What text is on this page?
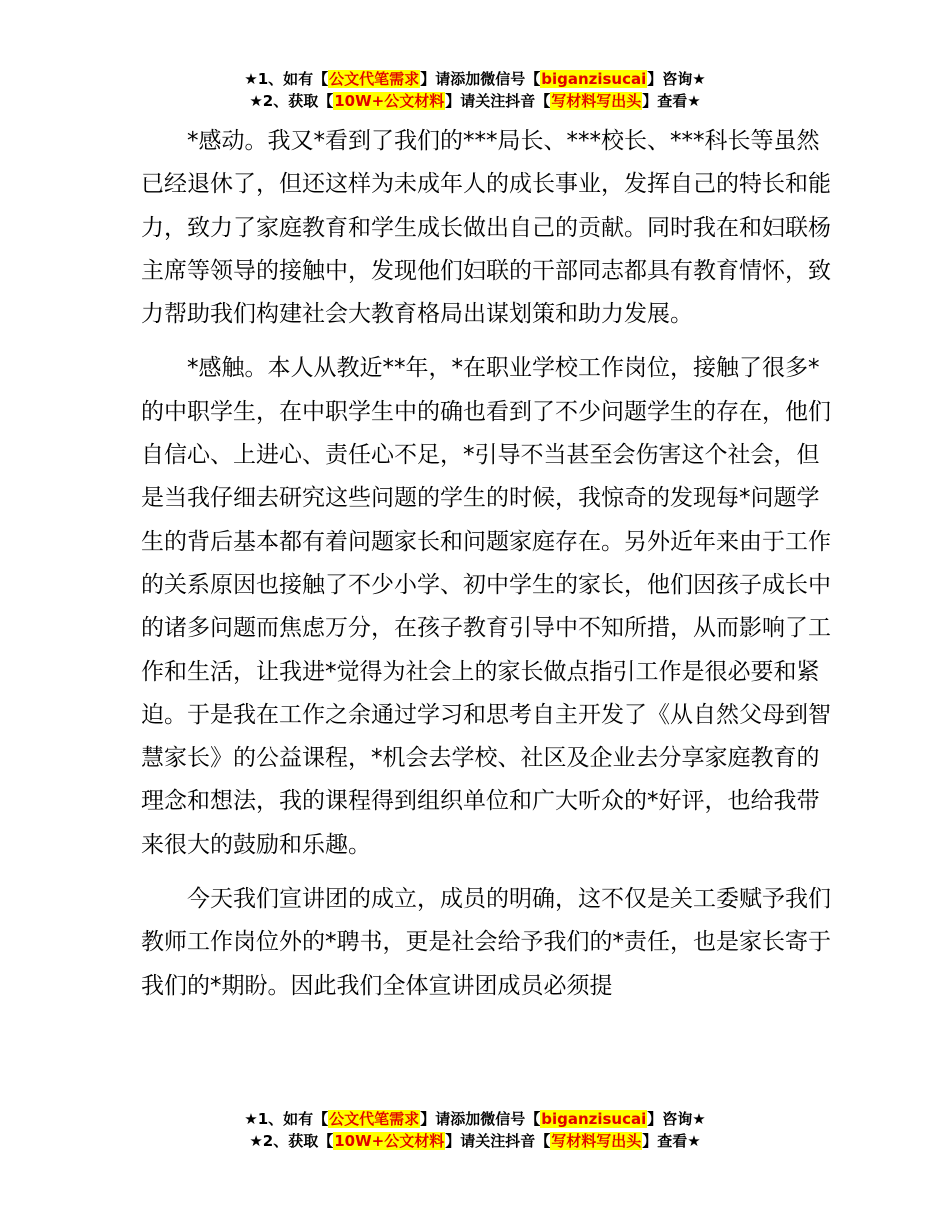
★1、如有【公文代笔需求】请添加微信号【biganzisucai】咨询★
★2、获取【10W+公文材料】请关注抖音【写材料写出头】查看★

*感动。我又*看到了我们的***局长、***校长、***科长等虽然已经退休了，但还这样为未成年人的成长事业，发挥自己的特长和能力，致力了家庭教育和学生成长做出自己的贡献。同时我在和妇联杨主席等领导的接触中，发现他们妇联的干部同志都具有教育情怀，致力帮助我们构建社会大教育格局出谋划策和助力发展。

*感触。本人从教近**年，*在职业学校工作岗位，接触了很多*的中职学生，在中职学生中的确也看到了不少问题学生的存在，他们自信心、上进心、责任心不足，*引导不当甚至会伤害这个社会，但是当我仔细去研究这些问题的学生的时候，我惊奇的发现每*问题学生的背后基本都有着问题家长和问题家庭存在。另外近年来由于工作的关系原因也接触了不少小学、初中学生的家长，他们因孩子成长中的诸多问题而焦虑万分，在孩子教育引导中不知所措，从而影响了工作和生活，让我进*觉得为社会上的家长做点指引工作是很必要和紧迫。于是我在工作之余通过学习和思考自主开发了《从自然父母到智慧家长》的公益课程，*机会去学校、社区及企业去分享家庭教育的理念和想法，我的课程得到组织单位和广大听众的*好评，也给我带来很大的鼓励和乐趣。

今天我们宣讲团的成立，成员的明确，这不仅是关工委赋予我们教师工作岗位外的*聘书，更是社会给予我们的*责任，也是家长寄于我们的*期盼。因此我们全体宣讲团成员必须提

★1、如有【公文代笔需求】请添加微信号【biganzisucai】咨询★
★2、获取【10W+公文材料】请关注抖音【写材料写出头】查看★
